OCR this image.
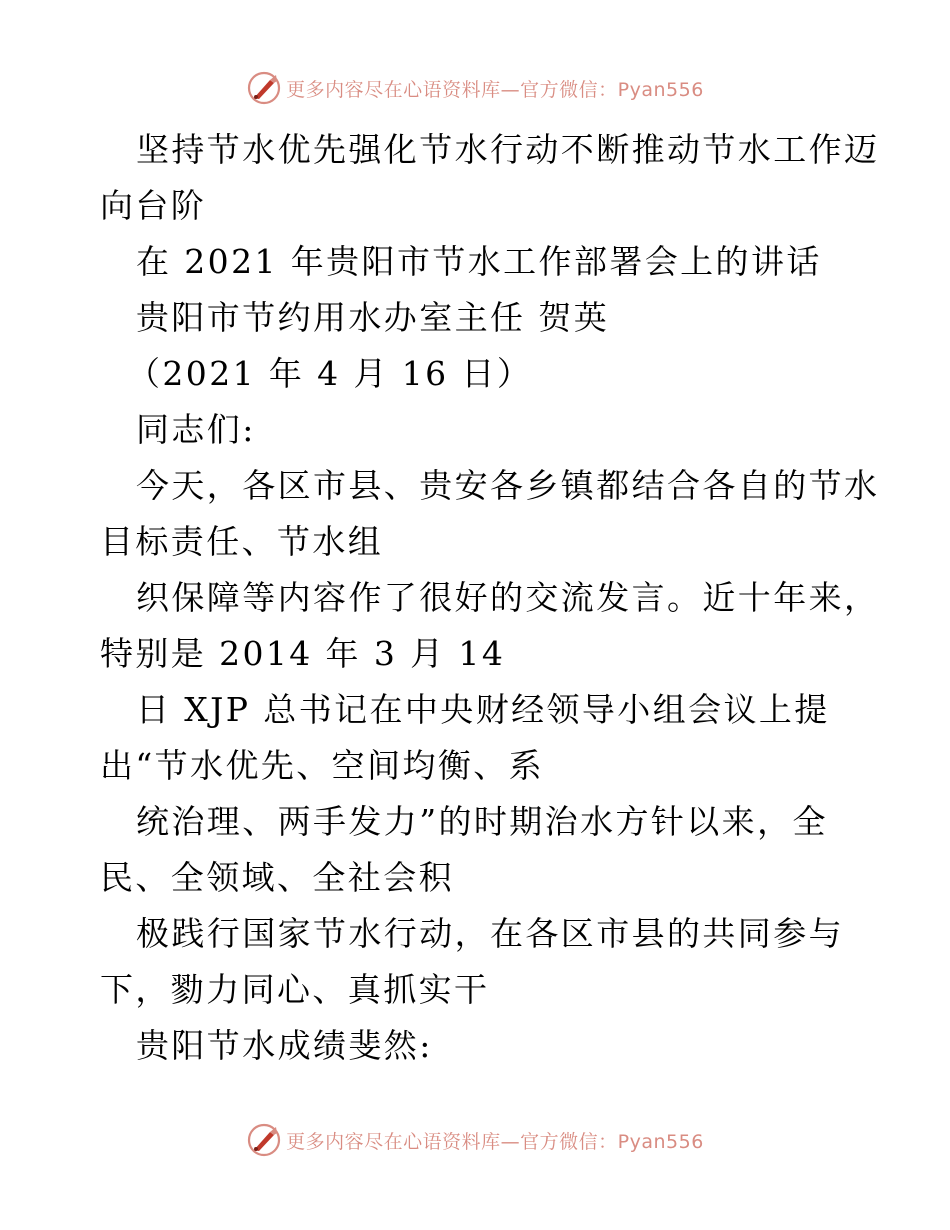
更多内容尽在心语资料库—官方微信：Pyan556
坚持节水优先强化节水行动不断推动节水工作迈
向台阶
在 2021 年贵阳市节水工作部署会上的讲话
贵阳市节约用水办室主任 贺英
（2021 年 4 月 16 日）
同志们:
今天，各区市县、贵安各乡镇都结合各自的节水
目标责任、节水组
织保障等内容作了很好的交流发言。近十年来，
特别是 2014 年 3 月 14
日 XJP 总书记在中央财经领导小组会议上提
出“节水优先、空间均衡、系
统治理、两手发力”的时期治水方针以来，全
民、全领域、全社会积
极践行国家节水行动，在各区市县的共同参与
下，勠力同心、真抓实干
贵阳节水成绩斐然:
更多内容尽在心语资料库—官方微信：Pyan556
